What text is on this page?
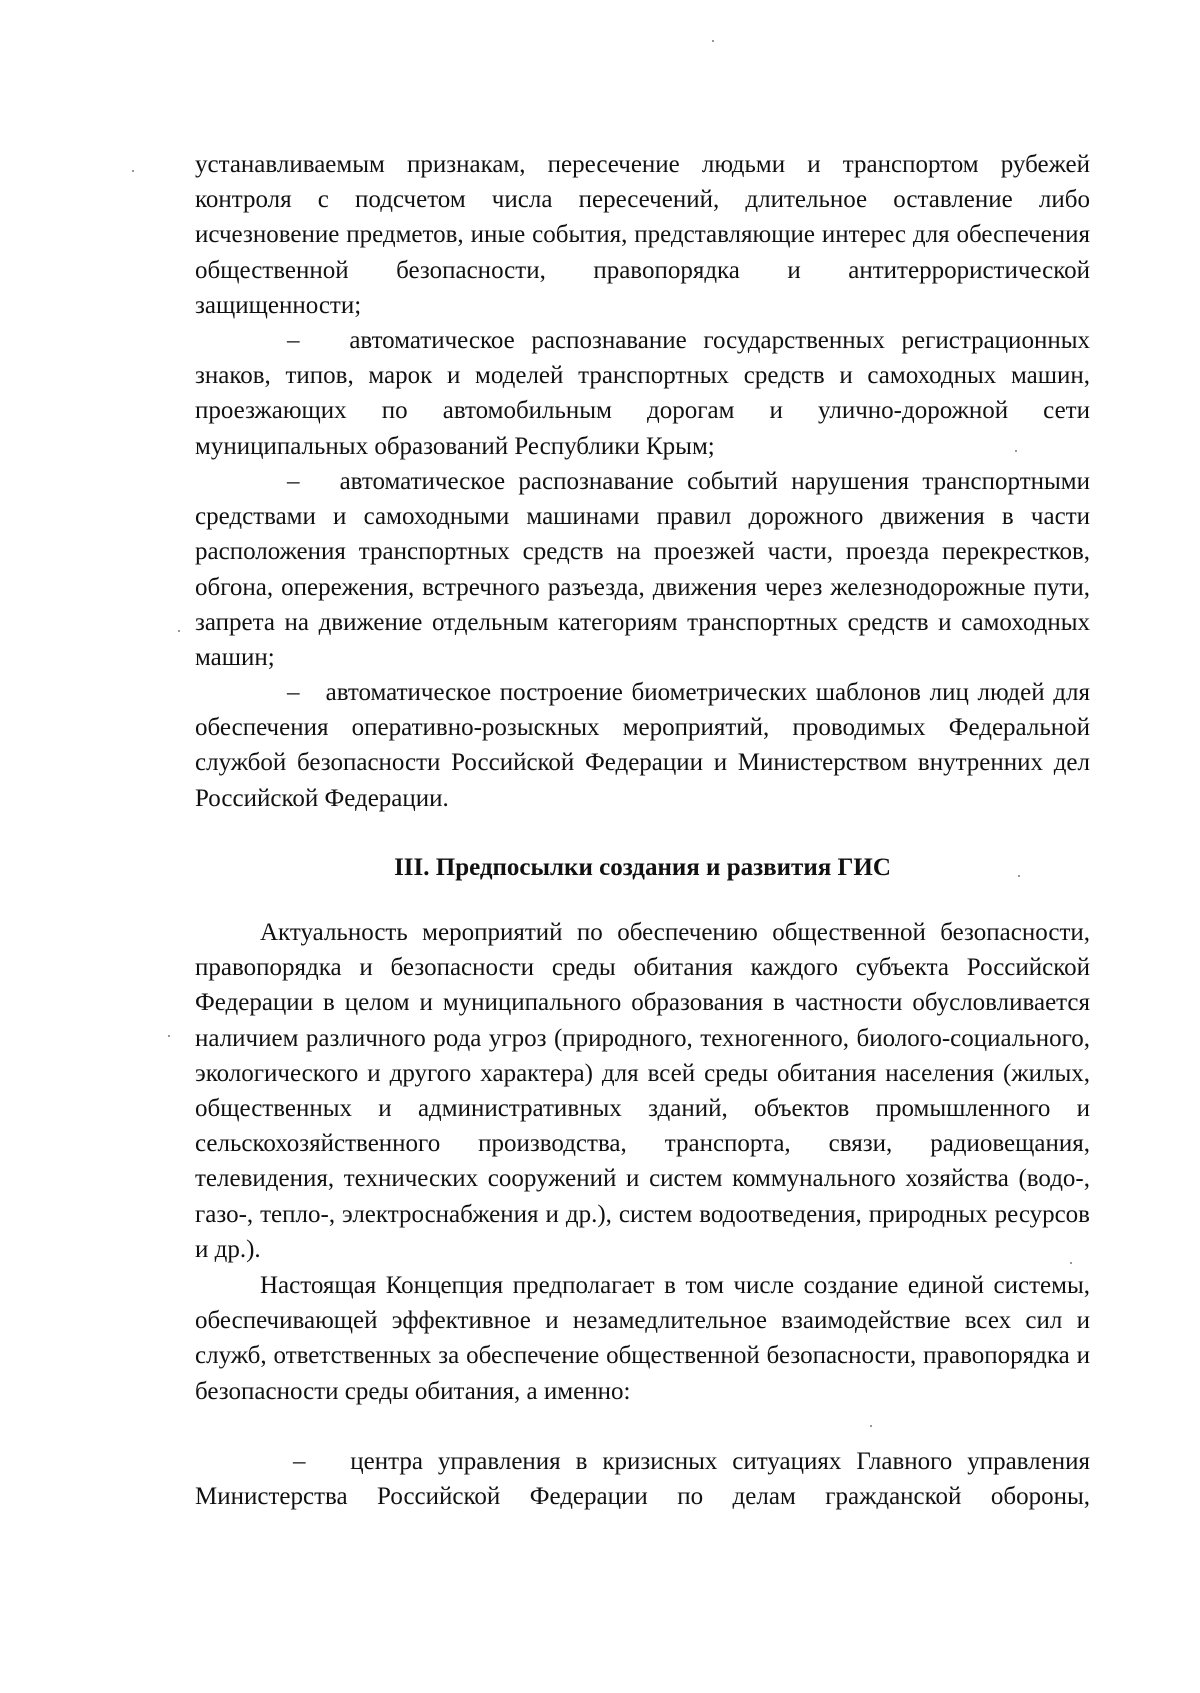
устанавливаемым признакам, пересечение людьми и транспортом рубежей контроля с подсчетом числа пересечений, длительное оставление либо исчезновение предметов, иные события, представляющие интерес для обеспечения общественной безопасности, правопорядка и антитеррористической защищенности;
– автоматическое распознавание государственных регистрационных знаков, типов, марок и моделей транспортных средств и самоходных машин, проезжающих по автомобильным дорогам и улично-дорожной сети муниципальных образований Республики Крым;
– автоматическое распознавание событий нарушения транспортными средствами и самоходными машинами правил дорожного движения в части расположения транспортных средств на проезжей части, проезда перекрестков, обгона, опережения, встречного разъезда, движения через железнодорожные пути, запрета на движение отдельным категориям транспортных средств и самоходных машин;
– автоматическое построение биометрических шаблонов лиц людей для обеспечения оперативно-розыскных мероприятий, проводимых Федеральной службой безопасности Российской Федерации и Министерством внутренних дел Российской Федерации.
III. Предпосылки создания и развития ГИС
Актуальность мероприятий по обеспечению общественной безопасности, правопорядка и безопасности среды обитания каждого субъекта Российской Федерации в целом и муниципального образования в частности обусловливается наличием различного рода угроз (природного, техногенного, биолого-социального, экологического и другого характера) для всей среды обитания населения (жилых, общественных и административных зданий, объектов промышленного и сельскохозяйственного производства, транспорта, связи, радиовещания, телевидения, технических сооружений и систем коммунального хозяйства (водо-, газо-, тепло-, электроснабжения и др.), систем водоотведения, природных ресурсов и др.).
Настоящая Концепция предполагает в том числе создание единой системы, обеспечивающей эффективное и незамедлительное взаимодействие всех сил и служб, ответственных за обеспечение общественной безопасности, правопорядка и безопасности среды обитания, а именно:
– центра управления в кризисных ситуациях Главного управления Министерства Российской Федерации по делам гражданской обороны,
